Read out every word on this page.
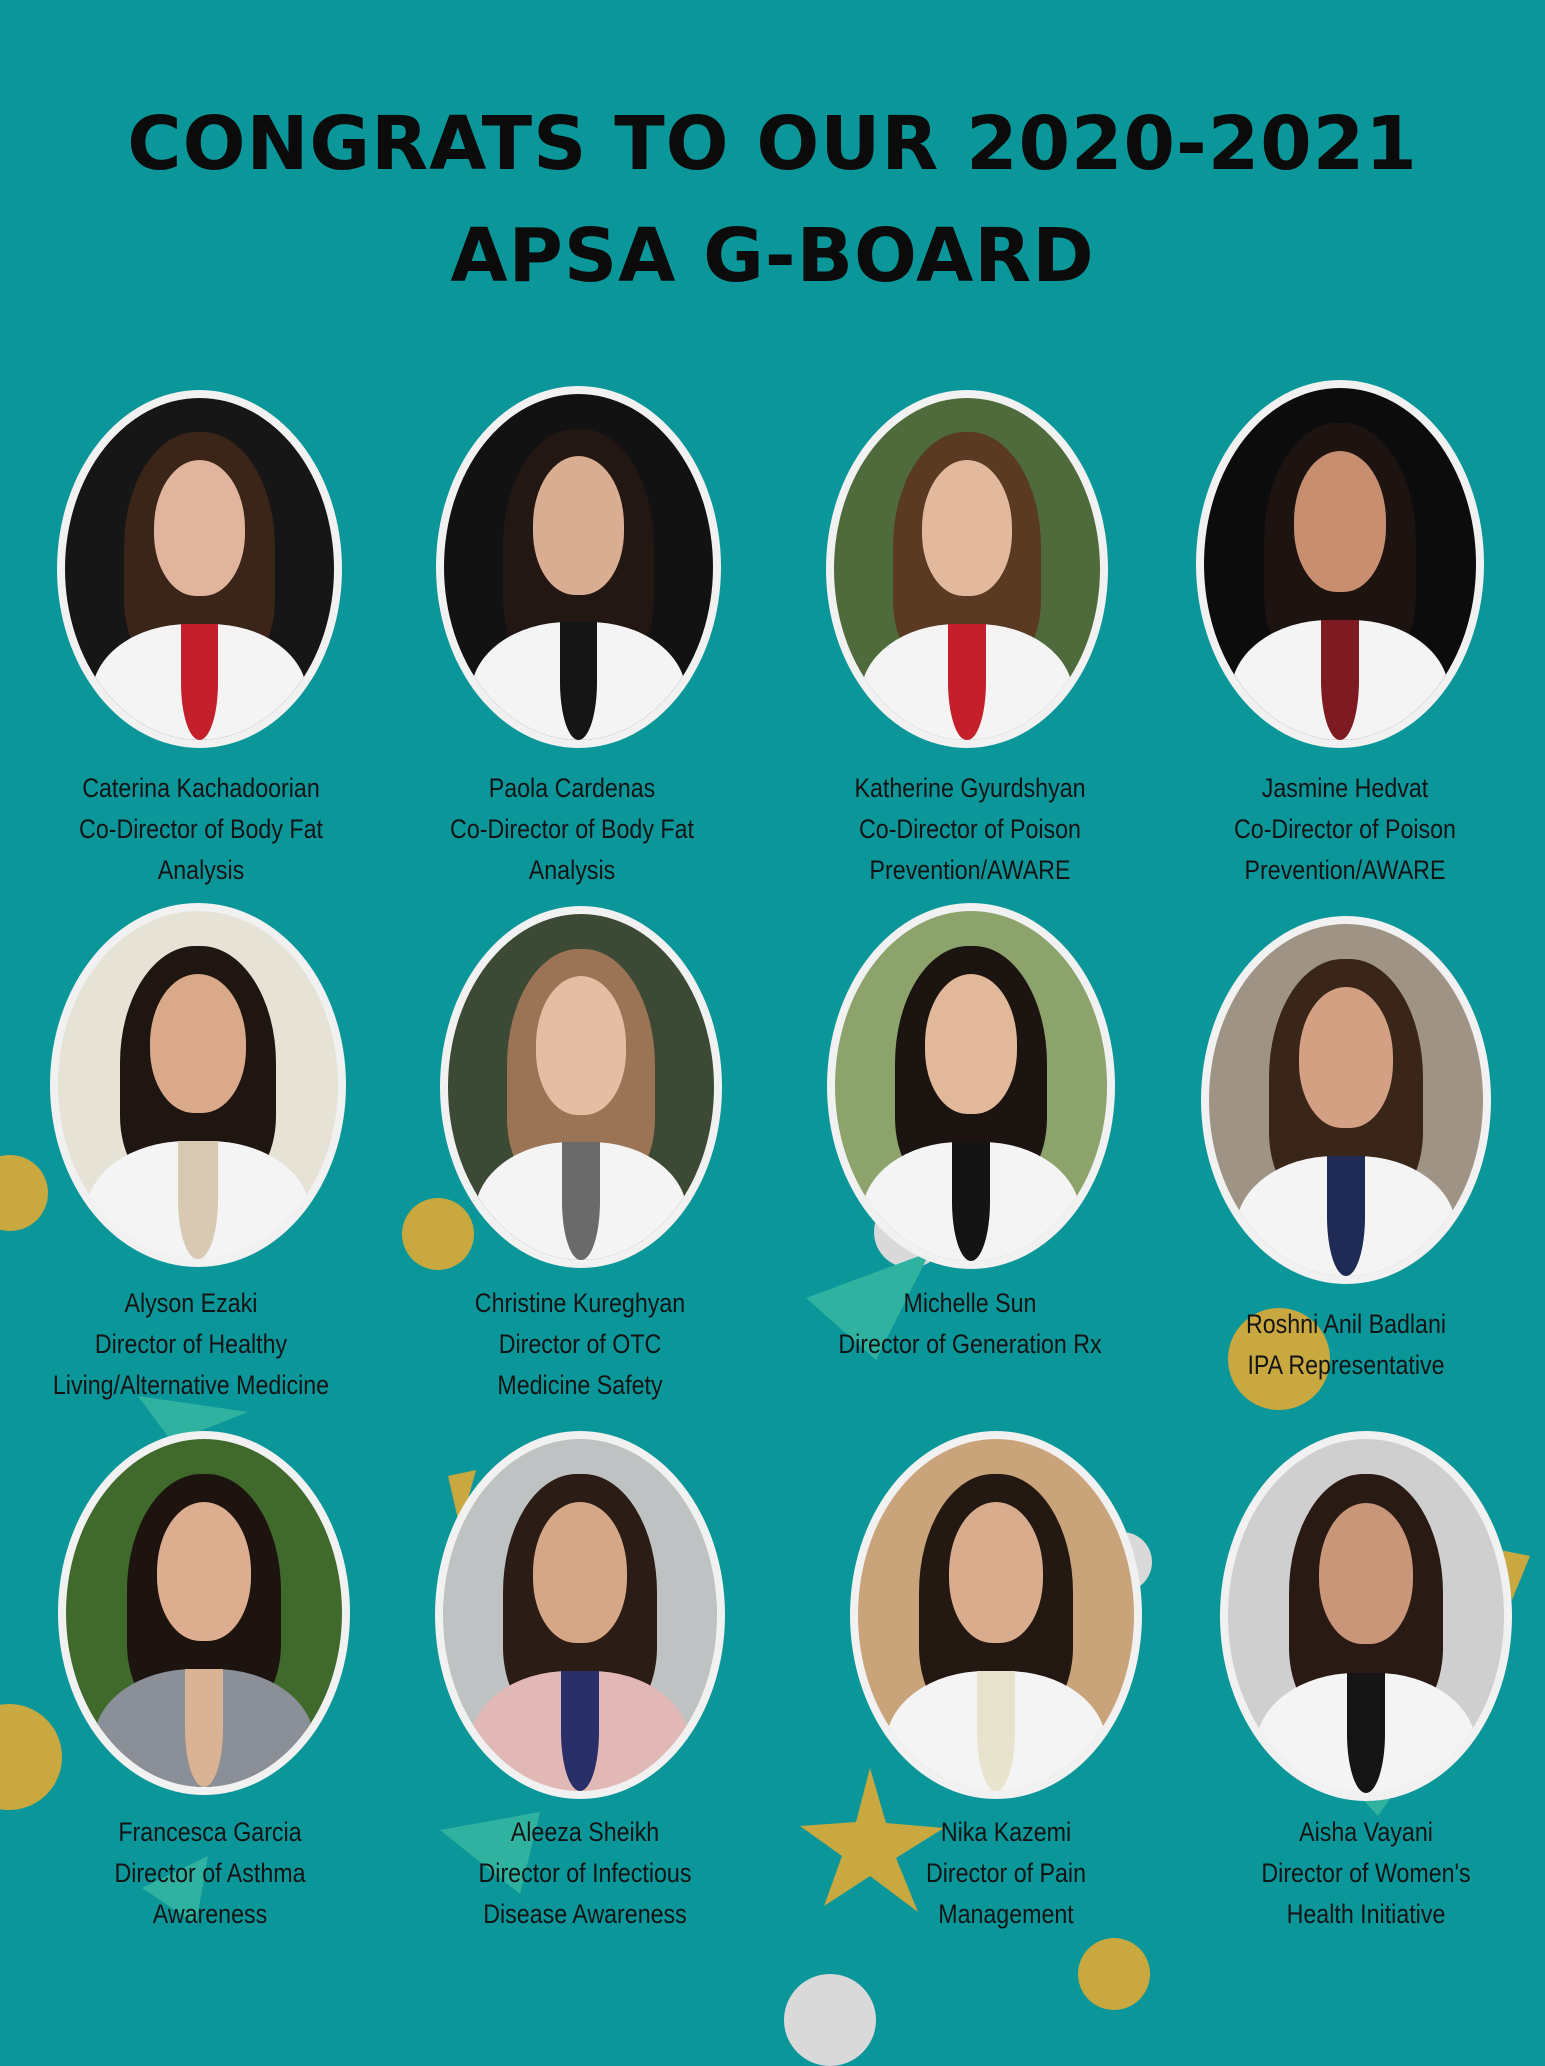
CONGRATS TO OUR 2020-2021
APSA G-BOARD
Caterina Kachadoorian
Co-Director of Body Fat
Analysis
Paola Cardenas
Co-Director of Body Fat
Analysis
Katherine Gyurdshyan
Co-Director of Poison
Prevention/AWARE
Jasmine Hedvat
Co-Director of Poison
Prevention/AWARE
Alyson Ezaki
Director of Healthy
Living/Alternative Medicine
Christine Kureghyan
Director of OTC
Medicine Safety
Michelle Sun
Director of Generation Rx
Roshni Anil Badlani
IPA Representative
Francesca Garcia
Director of Asthma
Awareness
Aleeza Sheikh
Director of Infectious
Disease Awareness
Nika Kazemi
Director of Pain
Management
Aisha Vayani
Director of Women's
Health Initiative
